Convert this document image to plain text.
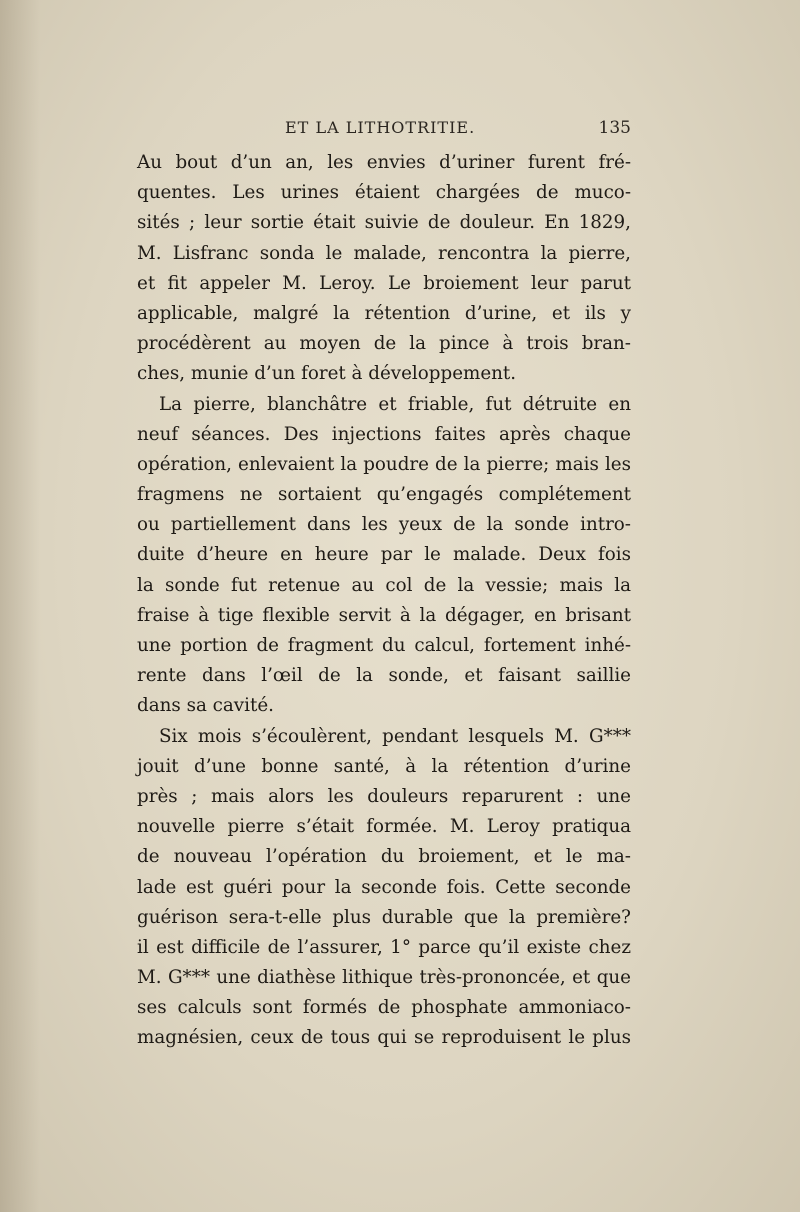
ET LA LITHOTRITIE.	135
Au bout d’un an, les envies d’uriner furent fré-
quentes. Les urines étaient chargées de muco-
sités ; leur sortie était suivie de douleur. En 1829,
M. Lisfranc sonda le malade, rencontra la pierre,
et fit appeler M. Leroy. Le broiement leur parut
applicable, malgré la rétention d’urine, et ils y
procédèrent au moyen de la pince à trois bran-
ches, munie d’un foret à développement.
La pierre, blanchâtre et friable, fut détruite en
neuf séances. Des injections faites après chaque
opération, enlevaient la poudre de la pierre; mais les
fragmens ne sortaient qu’engagés complétement
ou partiellement dans les yeux de la sonde intro-
duite d’heure en heure par le malade. Deux fois
la sonde fut retenue au col de la vessie; mais la
fraise à tige flexible servit à la dégager, en brisant
une portion de fragment du calcul, fortement inhé-
rente dans l’œil de la sonde, et faisant saillie
dans sa cavité.
Six mois s’écoulèrent, pendant lesquels M. G***
jouit d’une bonne santé, à la rétention d’urine
près ; mais alors les douleurs reparurent : une
nouvelle pierre s’était formée. M. Leroy pratiqua
de nouveau l’opération du broiement, et le ma-
lade est guéri pour la seconde fois. Cette seconde
guérison sera-t-elle plus durable que la première?
il est difficile de l’assurer, 1° parce qu’il existe chez
M. G*** une diathèse lithique très-prononcée, et que
ses calculs sont formés de phosphate ammoniaco-
magnésien, ceux de tous qui se reproduisent le plus
